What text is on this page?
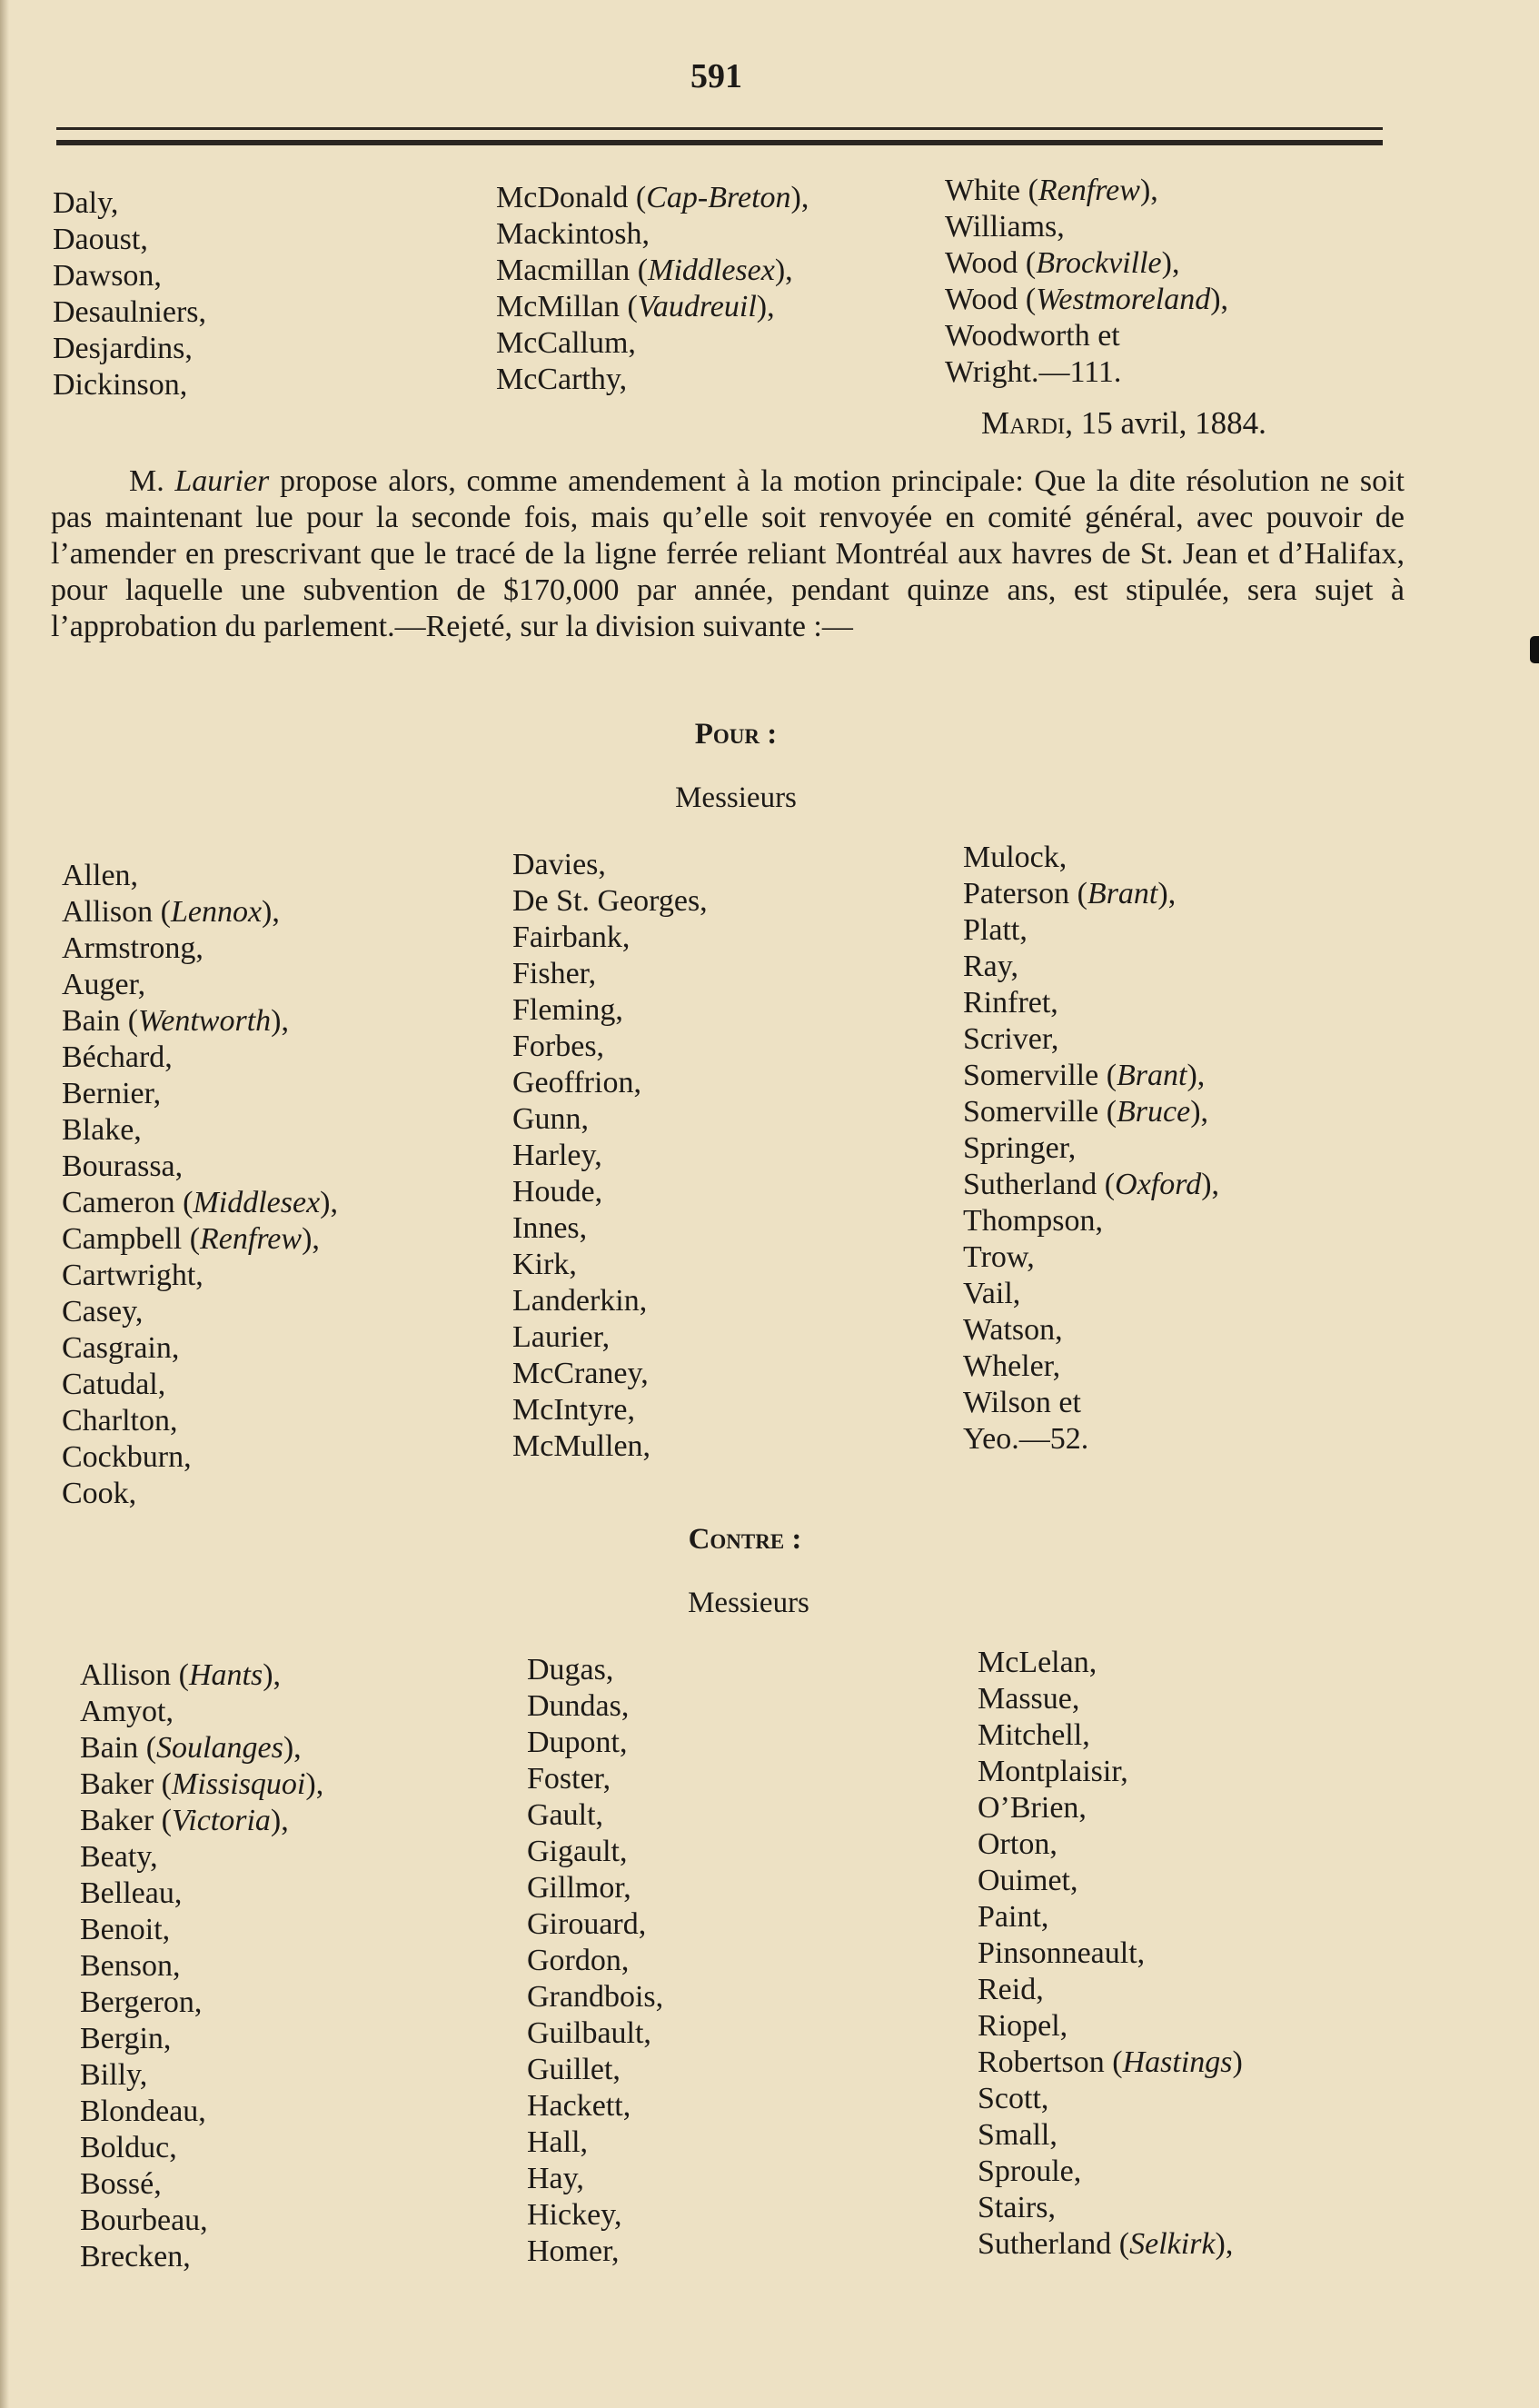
591
Daly,
Daoust,
Dawson,
Desaulniers,
Desjardins,
Dickinson,
McDonald (Cap-Breton),
Mackintosh,
Macmillan (Middlesex),
McMillan (Vaudreuil),
McCallum,
McCarthy,
White (Renfrew),
Williams,
Wood (Brockville),
Wood (Westmoreland),
Woodworth et
Wright.—111.
Mardi, 15 avril, 1884.
M. Laurier propose alors, comme amendement à la motion principale: Que la dite résolution ne soit pas maintenant lue pour la seconde fois, mais qu’elle soit renvoyée en comité général, avec pouvoir de l’amender en prescrivant que le tracé de la ligne ferrée reliant Montréal aux havres de St. Jean et d’Halifax, pour laquelle une subvention de $170,000 par année, pendant quinze ans, est stipulée, sera sujet à l’approbation du parlement.—Rejeté, sur la division suivante :—
Pour :
Messieurs
Allen,
Allison (Lennox),
Armstrong,
Auger,
Bain (Wentworth),
Béchard,
Bernier,
Blake,
Bourassa,
Cameron (Middlesex),
Campbell (Renfrew),
Cartwright,
Casey,
Casgrain,
Catudal,
Charlton,
Cockburn,
Cook,
Davies,
De St. Georges,
Fairbank,
Fisher,
Fleming,
Forbes,
Geoffrion,
Gunn,
Harley,
Houde,
Innes,
Kirk,
Landerkin,
Laurier,
McCraney,
McIntyre,
McMullen,
Mulock,
Paterson (Brant),
Platt,
Ray,
Rinfret,
Scriver,
Somerville (Brant),
Somerville (Bruce),
Springer,
Sutherland (Oxford),
Thompson,
Trow,
Vail,
Watson,
Wheler,
Wilson et
Yeo.—52.
Contre :
Messieurs
Allison (Hants),
Amyot,
Bain (Soulanges),
Baker (Missisquoi),
Baker (Victoria),
Beaty,
Belleau,
Benoit,
Benson,
Bergeron,
Bergin,
Billy,
Blondeau,
Bolduc,
Bossé,
Bourbeau,
Brecken,
Dugas,
Dundas,
Dupont,
Foster,
Gault,
Gigault,
Gillmor,
Girouard,
Gordon,
Grandbois,
Guilbault,
Guillet,
Hackett,
Hall,
Hay,
Hickey,
Homer,
McLelan,
Massue,
Mitchell,
Montplaisir,
O’Brien,
Orton,
Ouimet,
Paint,
Pinsonneault,
Reid,
Riopel,
Robertson (Hastings)
Scott,
Small,
Sproule,
Stairs,
Sutherland (Selkirk),
